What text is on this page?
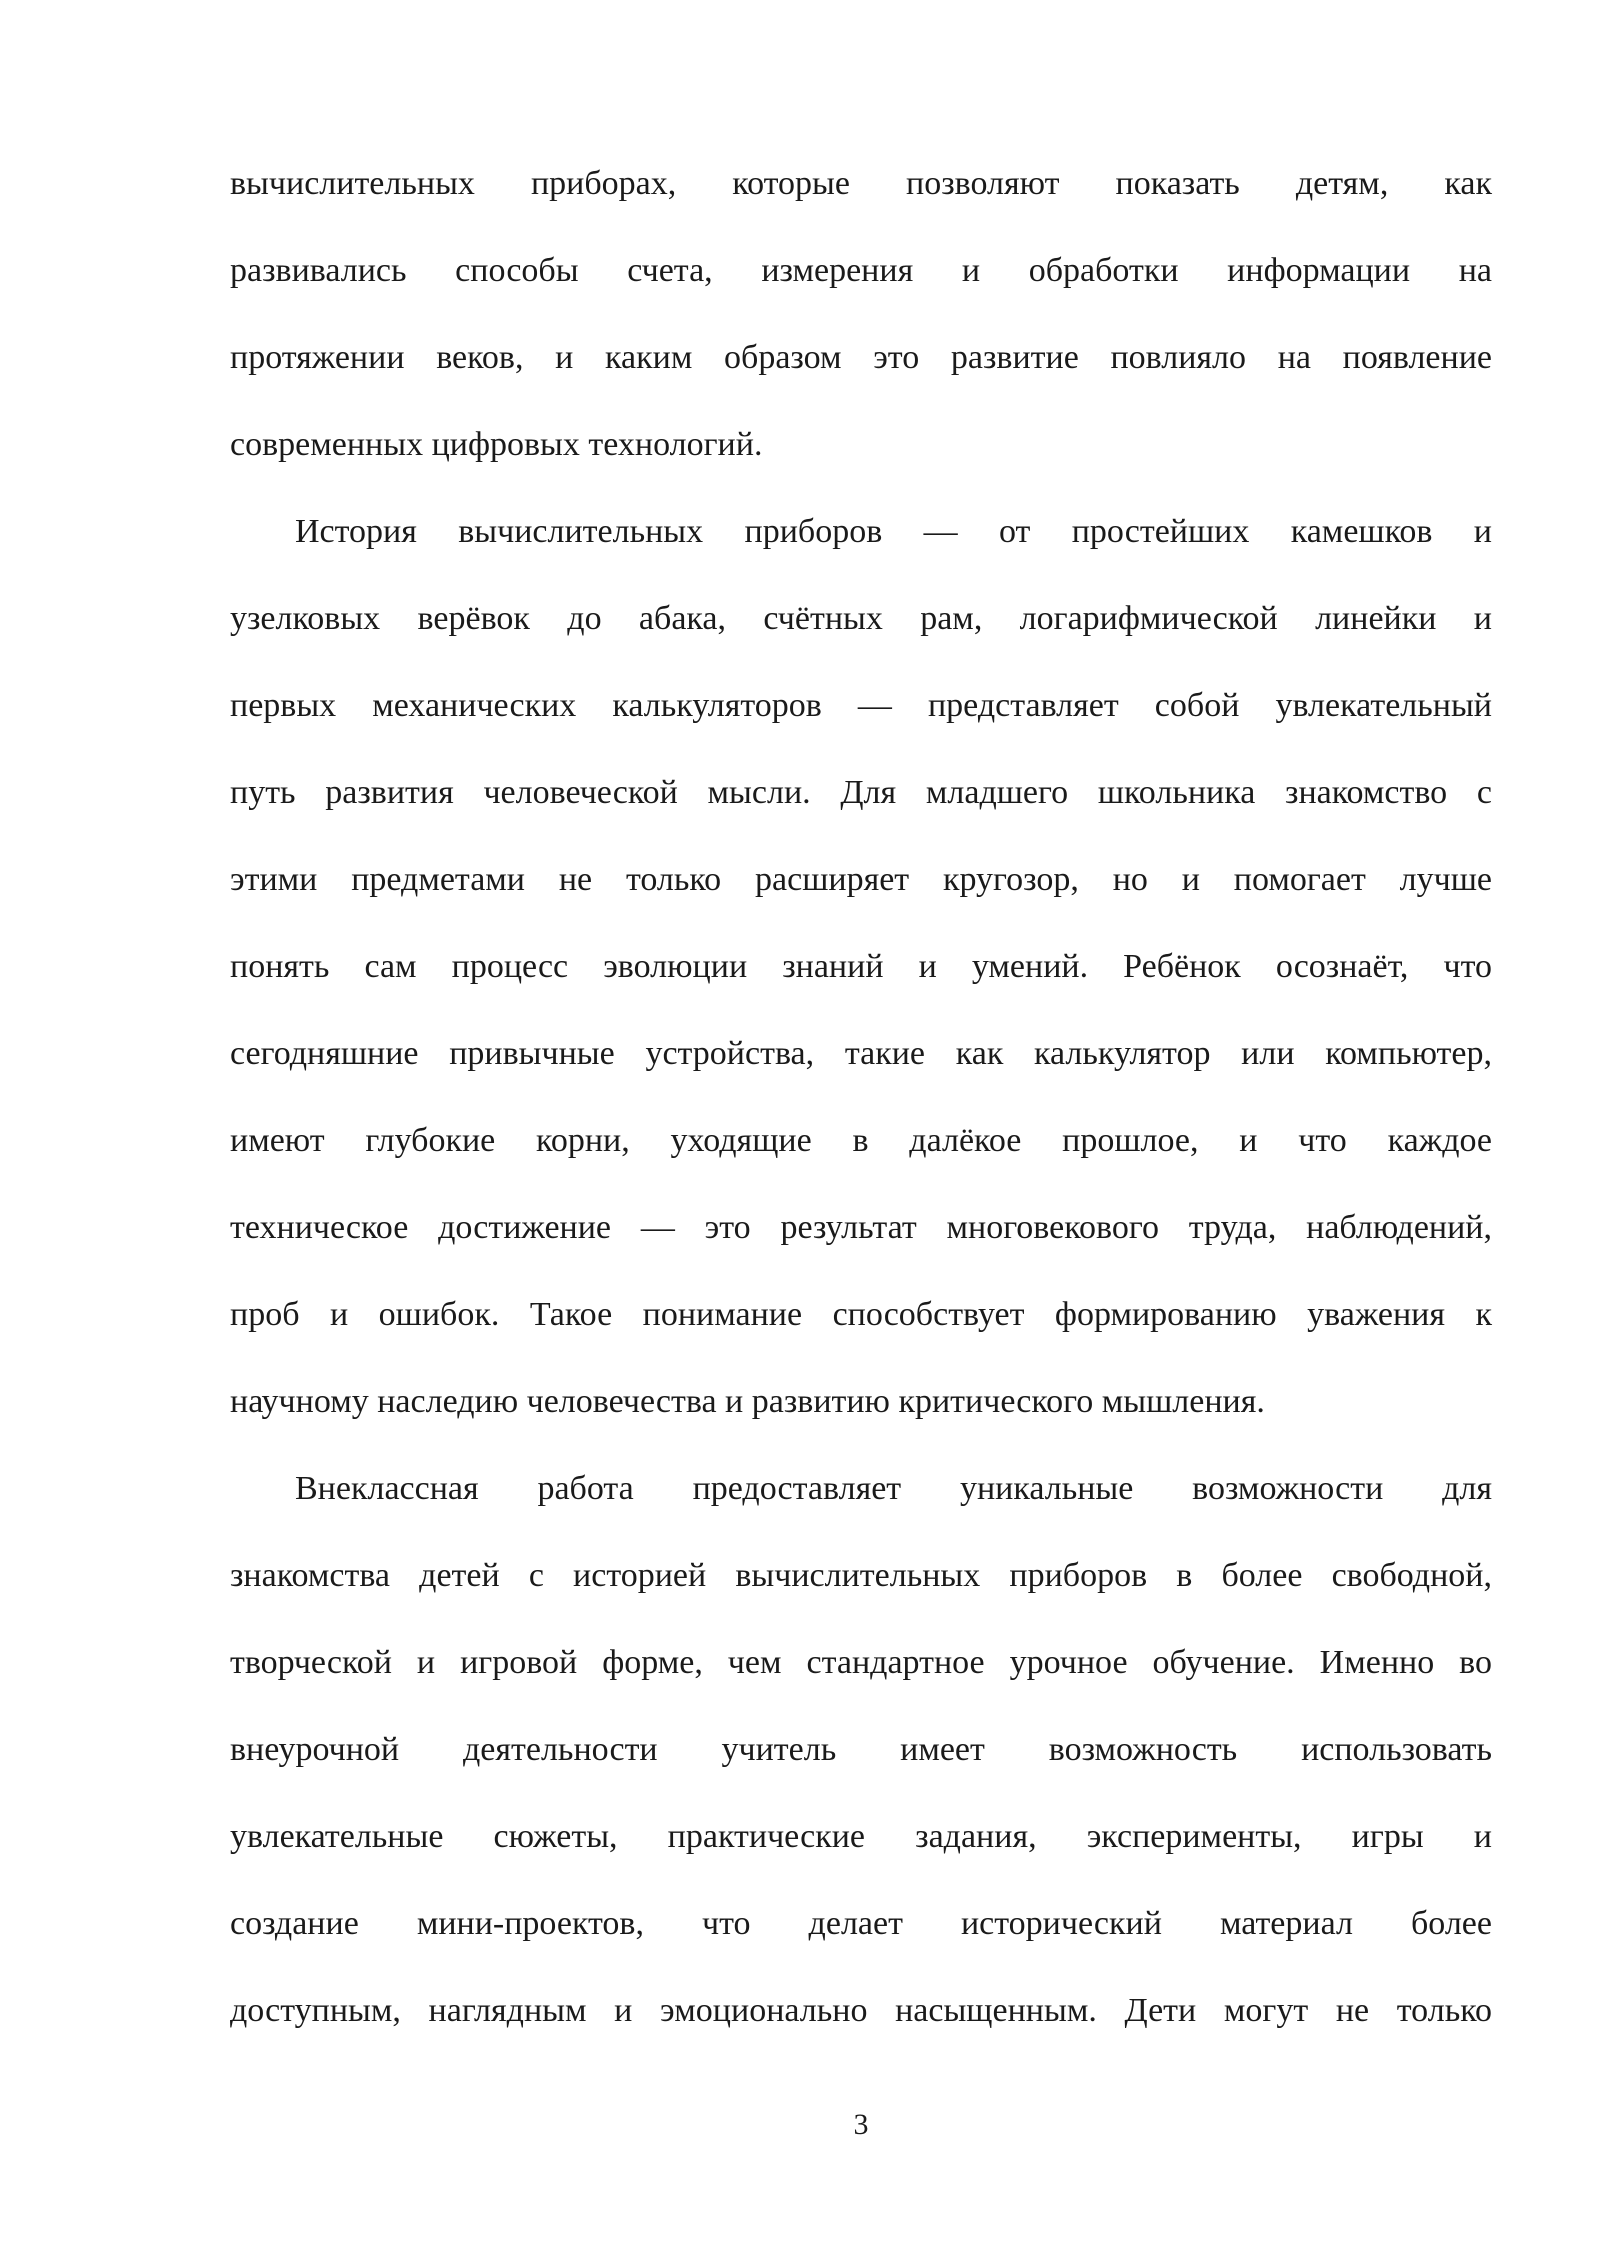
вычислительных приборах, которые позволяют показать детям, как
развивались способы счета, измерения и обработки информации на
протяжении веков, и каким образом это развитие повлияло на появление
современных цифровых технологий.
История вычислительных приборов — от простейших камешков и
узелковых верёвок до абака, счётных рам, логарифмической линейки и
первых механических калькуляторов — представляет собой увлекательный
путь развития человеческой мысли. Для младшего школьника знакомство с
этими предметами не только расширяет кругозор, но и помогает лучше
понять сам процесс эволюции знаний и умений. Ребёнок осознаёт, что
сегодняшние привычные устройства, такие как калькулятор или компьютер,
имеют глубокие корни, уходящие в далёкое прошлое, и что каждое
техническое достижение — это результат многовекового труда, наблюдений,
проб и ошибок. Такое понимание способствует формированию уважения к
научному наследию человечества и развитию критического мышления.
Внеклассная работа предоставляет уникальные возможности для
знакомства детей с историей вычислительных приборов в более свободной,
творческой и игровой форме, чем стандартное урочное обучение. Именно во
внеурочной деятельности учитель имеет возможность использовать
увлекательные сюжеты, практические задания, эксперименты, игры и
создание мини-проектов, что делает исторический материал более
доступным, наглядным и эмоционально насыщенным. Дети могут не только
3
